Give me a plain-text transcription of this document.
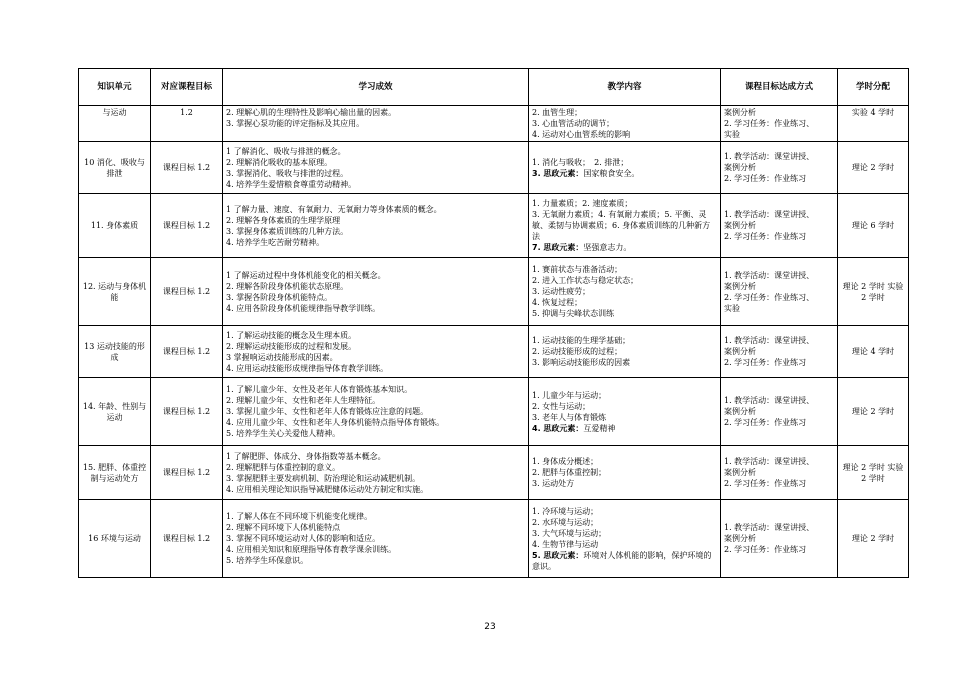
知识单元	对应课程目标	学习成效	教学内容	课程目标达成方式	学时分配
与运动	1.2	2. 理解心肌的生理特性及影响心输出量的因素。
3. 掌握心泵功能的评定指标及其应用。	2. 血管生理；
3. 心血管活动的调节；
4. 运动对心血管系统的影响	案例分析
2. 学习任务：作业练习、
实验	实验 4 学时
10 消化、吸收与排泄	课程目标 1.2	1 了解消化、吸收与排泄的概念。
2. 理解消化吸收的基本原理。
3. 掌握消化、吸收与排泄的过程。
4. 培养学生爱惜粮食尊重劳动精神。	1. 消化与吸收；　2. 排泄；
3. 思政元素：国家粮食安全。	1. 教学活动：课堂讲授、
案例分析
2. 学习任务：作业练习	理论 2 学时
11. 身体素质	课程目标 1.2	1 了解力量、速度、有氧耐力、无氧耐力等身体素质的概念。
2. 理解各身体素质的生理学原理
3. 掌握身体素质训练的几种方法。
4. 培养学生吃苦耐劳精神。	1. 力量素质；2. 速度素质；
3. 无氧耐力素质；4. 有氧耐力素质；5. 平衡、灵敏、柔韧与协调素质；6. 身体素质训练的几种新方法
7. 思政元素：坚强意志力。	1. 教学活动：课堂讲授、
案例分析
2. 学习任务：作业练习	理论 6 学时
12. 运动与身体机能	课程目标 1.2	1 了解运动过程中身体机能变化的相关概念。
2. 理解各阶段身体机能状态原理。
3. 掌握各阶段身体机能特点。
4. 应用各阶段身体机能规律指导教学训练。	1. 赛前状态与准备活动；
2. 进入工作状态与稳定状态；
3. 运动性疲劳；
4. 恢复过程；
5. 抑调与尖峰状态训练	1. 教学活动：课堂讲授、
案例分析
2. 学习任务：作业练习、
实验	理论 2 学时 实验 2 学时
13 运动技能的形成	课程目标 1.2	1. 了解运动技能的概念及生理本质。
2. 理解运动技能形成的过程和发展。
3 掌握响运动技能形成的因素。
4. 应用运动技能形成规律指导体育教学训练。	1. 运动技能的生理学基础；
2. 运动技能形成的过程；
3. 影响运动技能形成的因素	1. 教学活动：课堂讲授、
案例分析
2. 学习任务：作业练习	理论 4 学时
14. 年龄、性别与运动	课程目标 1.2	1. 了解儿童少年、女性及老年人体育锻炼基本知识。
2. 理解儿童少年、女性和老年人生理特征。
3. 掌握儿童少年、女性和老年人体育锻炼应注意的问题。
4. 应用儿童少年、女性和老年人身体机能特点指导体育锻炼。
5. 培养学生关心关爱他人精神。	1. 儿童少年与运动；
2. 女性与运动；
3. 老年人与体育锻炼
4. 思政元素：互爱精神	1. 教学活动：课堂讲授、
案例分析
2. 学习任务：作业练习	理论 2 学时
15. 肥胖、体重控制与运动处方	课程目标 1.2	1 了解肥胖、体成分、身体指数等基本概念。
2. 理解肥胖与体重控制的意义。
3. 掌握肥胖主要发病机制、防治理论和运动减肥机制。
4. 应用相关理论知识指导减肥健体运动处方制定和实施。	1. 身体成分概述；
2. 肥胖与体重控制；
3. 运动处方	1. 教学活动：课堂讲授、
案例分析
2. 学习任务：作业练习	理论 2 学时 实验 2 学时
16 环境与运动	课程目标 1.2	1. 了解人体在不同环境下机能变化规律。
2. 理解不同环境下人体机能特点
3. 掌握不同环境运动对人体的影响和适应。
4. 应用相关知识和原理指导体育教学课余训练。
5. 培养学生环保意识。	1. 冷环境与运动；
2. 水环境与运动；
3. 大气环境与运动；
4. 生物节律与运动
5. 思政元素：环境对人体机能的影响，保护环境的意识。	1. 教学活动：课堂讲授、
案例分析
2. 学习任务：作业练习	理论 2 学时
23
